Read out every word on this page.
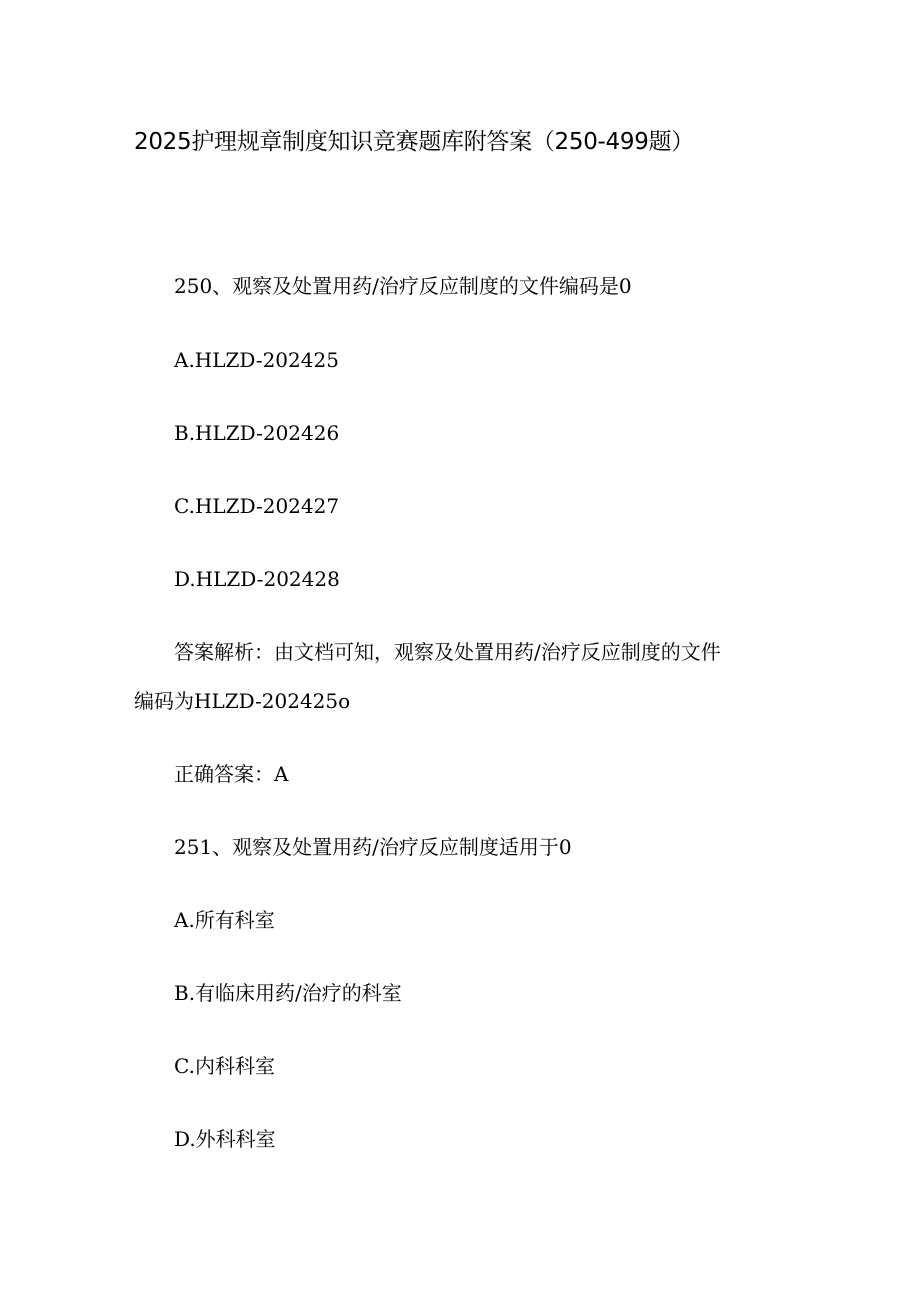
2025护理规章制度知识竞赛题库附答案（250-499题）
250、观察及处置用药/治疗反应制度的文件编码是0
A.HLZD-202425
B.HLZD-202426
C.HLZD-202427
D.HLZD-202428
答案解析：由文档可知，观察及处置用药/治疗反应制度的文件
编码为HLZD-202425o
正确答案：A
251、观察及处置用药/治疗反应制度适用于0
A.所有科室
B.有临床用药/治疗的科室
C.内科科室
D.外科科室
